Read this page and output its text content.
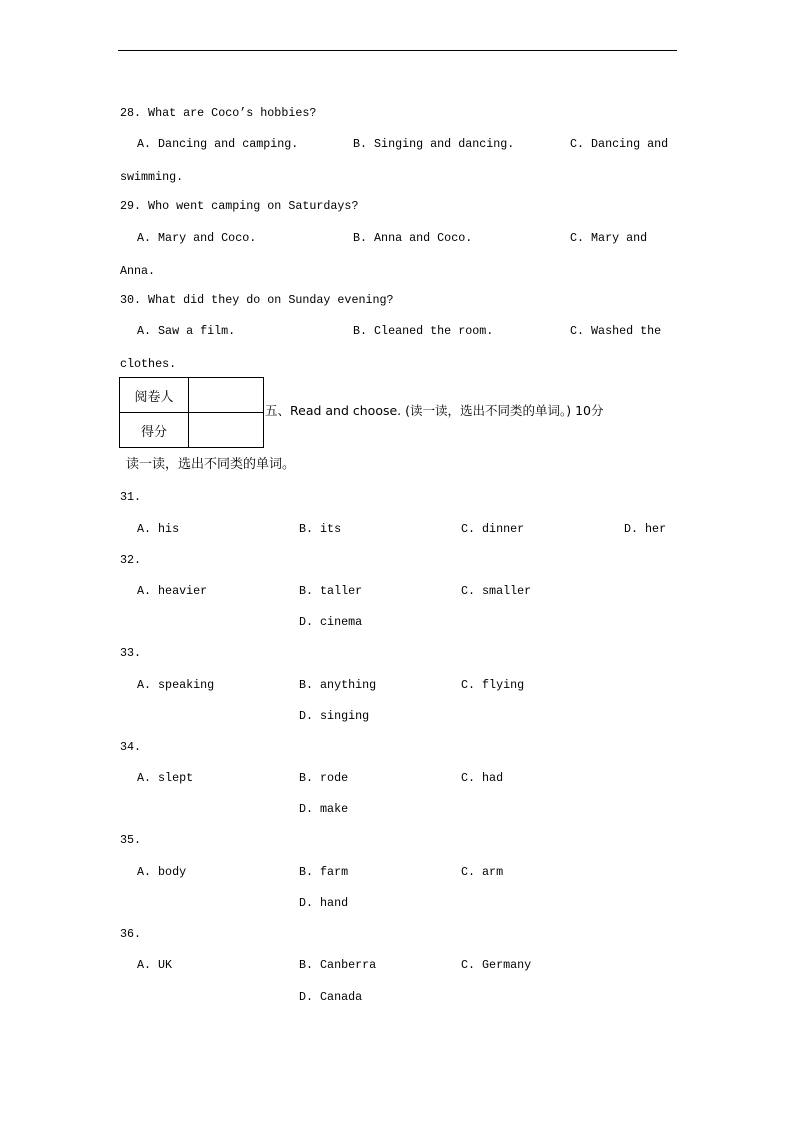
28. What are Coco’s hobbies?
A. Dancing and camping.	B. Singing and dancing.	C. Dancing and
swimming.
29. Who went camping on Saturdays?
A. Mary and Coco.	B. Anna and Coco.	C. Mary and
Anna.
30. What did they do on Sunday evening?
A. Saw a film.	B. Cleaned the room.	C. Washed the
clothes.
阅卷人	
得分	
五、Read and choose. (读一读，选出不同类的单词。) 10分
读一读，选出不同类的单词。
31.
A. his	B. its	C. dinner	D. her
32.
A. heavier	B. taller	C. smaller
D. cinema
33.
A. speaking	B. anything	C. flying
D. singing
34.
A. slept	B. rode	C. had
D. make
35.
A. body	B. farm	C. arm
D. hand
36.
A. UK	B. Canberra	C. Germany
D. Canada
